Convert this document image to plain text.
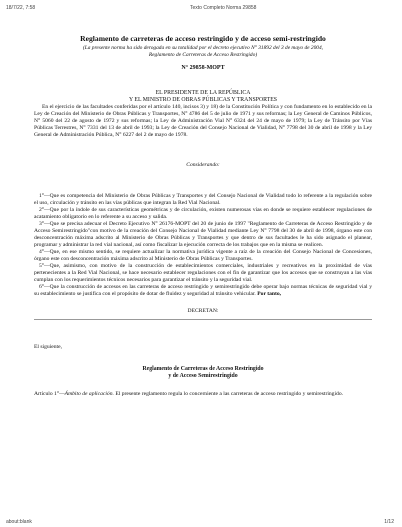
18/7/22, 7:58	Texto Completo Norma 29858

Reglamento de carreteras de acceso restringido y de acceso semi-restringido

(La presente norma ha sido derogada en su totalidad por el decreto ejecutivo N° 31892 del 3 de mayo de 2004,
Reglamento de Carreteras de Acceso Restringido)

N° 29858-MOPT

EL PRESIDENTE DE LA REPÚBLICA
Y EL MINISTRO DE OBRAS PÚBLICAS Y TRANSPORTES

En el ejercicio de las facultades conferidas por el artículo 140, incisos 3) y 18) de la Constitución Política y con fundamento en lo establecido en la Ley de Creación del Ministerio de Obras Públicas y Transportes, N° 4786 del 5 de julio de 1971 y sus reformas; la Ley General de Caminos Públicos, N° 5060 del 22 de agosto de 1972 y sus reformas; la Ley de Administración Vial N° 6324 del 24 de mayo de 1979; la Ley de Tránsito por Vías Públicas Terrestres, N° 7331 del 13 de abril de 1993; la Ley de Creación del Consejo Nacional de Vialidad, N° 7798 del 30 de abril de 1998 y la Ley General de Administración Pública, N° 6227 del 2 de mayo de 1978.

Considerando:

1°—Que es competencia del Ministerio de Obras Públicas y Transportes y del Consejo Nacional de Vialidad todo lo referente a la regulación sobre el uso, circulación y tránsito en las vías públicas que integran la Red Vial Nacional.

2°—Que por la índole de sus características geométricas y de circulación, existen numerosas vías en donde se requiere establecer regulaciones de acatamiento obligatorio en lo referente a su acceso y salida.

3°—Que se precisa adecuar el Decreto Ejecutivo N° 26176-MOPT del 20 de junio de 1997 "Reglamento de Carreteras de Acceso Restringido y de Acceso Semirestringido"con motivo de la creación del Consejo Nacional de Vialidad mediante Ley N° 7798 del 30 de abril de 1998, órgano este con desconcentración máxima adscrito al Ministerio de Obras Públicas y Transportes y que dentro de sus facultades le ha sido asignado el planear, programar y administrar la red vial nacional, así como fiscalizar la ejecución correcta de los trabajos que en la misma se realicen.

4°—Que, en ese mismo sentido, se requiere actualizar la normativa jurídica vigente a raíz de la creación del Consejo Nacional de Concesiones, órgano este con desconcentración máxima adscrito al Ministerio de Obras Públicas y Transportes.

5°—Que, asimismo, con motivo de la construcción de establecimientos comerciales, industriales y recreativos en la proximidad de vías pertenecientes a la Red Vial Nacional, se hace necesario establecer regulaciones con el fin de garantizar que los accesos que se construyan a las vías cumplan con los requerimientos técnicos necesarios para garantizar el tránsito y la seguridad vial.

6°—Que la construcción de accesos en las carreteras de acceso restringido y semirestringido debe operar bajo normas técnicas de seguridad vial y su establecimiento se justifica con el propósito de dotar de fluidez y seguridad al tránsito vehicular. Por tanto,

DECRETAN:

El siguiente,

Reglamento de Carreteras de Acceso Restringido
y de Acceso Semirestringido

Artículo 1°—Ámbito de aplicación. El presente reglamento regula lo concerniente a las carreteras de acceso restringido y semirestringido.

about:blank	1/12
